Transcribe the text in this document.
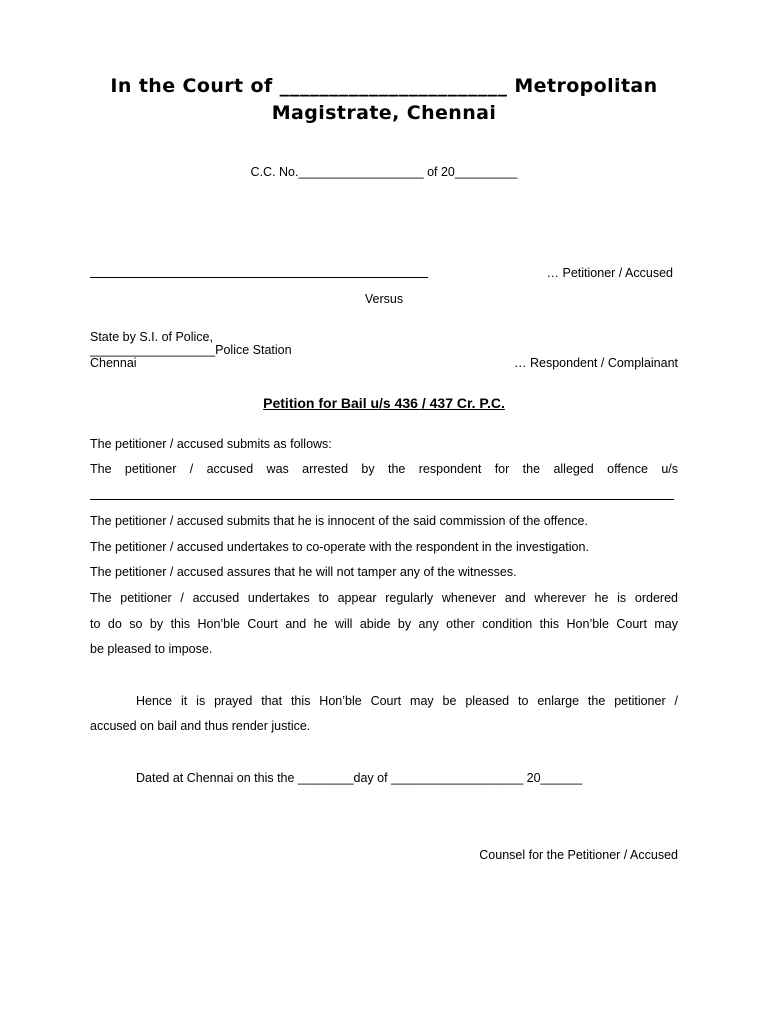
In the Court of _______________________ Metropolitan
Magistrate, Chennai
C.C. No.__________________ of 20_________
… Petitioner / Accused
Versus
State by S.I. of Police,
__________________Police Station
Chennai	… Respondent / Complainant
Petition for Bail u/s 436 / 437 Cr. P.C.
The petitioner / accused submits as follows:
The petitioner / accused was arrested by the respondent for the alleged offence u/s
The petitioner / accused submits that he is innocent of the said commission of the offence.
The petitioner / accused undertakes to co-operate with the respondent in the investigation.
The petitioner / accused assures that he will not tamper any of the witnesses.
The petitioner / accused undertakes to appear regularly whenever and wherever he is ordered
to do so by this Hon’ble Court and he will abide by any other condition this Hon’ble Court may
be pleased to impose.
Hence it is prayed that this Hon’ble Court may be pleased to enlarge the petitioner /
accused on bail and thus render justice.
Dated at Chennai on this the ________day of ___________________ 20______
Counsel for the Petitioner / Accused
